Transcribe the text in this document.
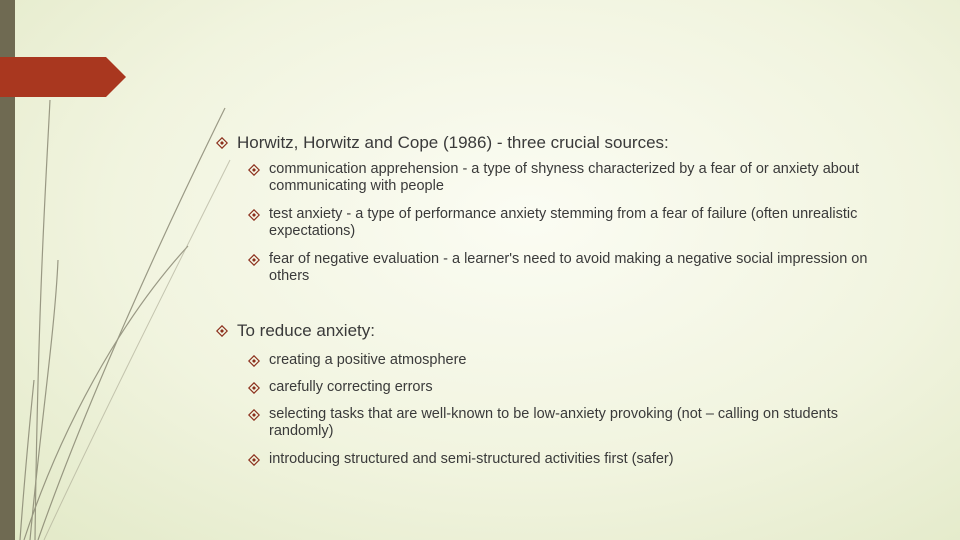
Horwitz, Horwitz and Cope (1986) - three crucial sources:
communication apprehension - a type of shyness characterized by a fear of or anxiety about communicating with people
test anxiety - a type of performance anxiety stemming from a fear of failure (often unrealistic expectations)
fear of negative evaluation - a learner's need to avoid making a negative social impression on others
To reduce anxiety:
creating a positive atmosphere
carefully correcting errors
selecting tasks that are well-known to be low-anxiety provoking (not – calling on students randomly)
introducing structured and semi-structured activities first (safer)
